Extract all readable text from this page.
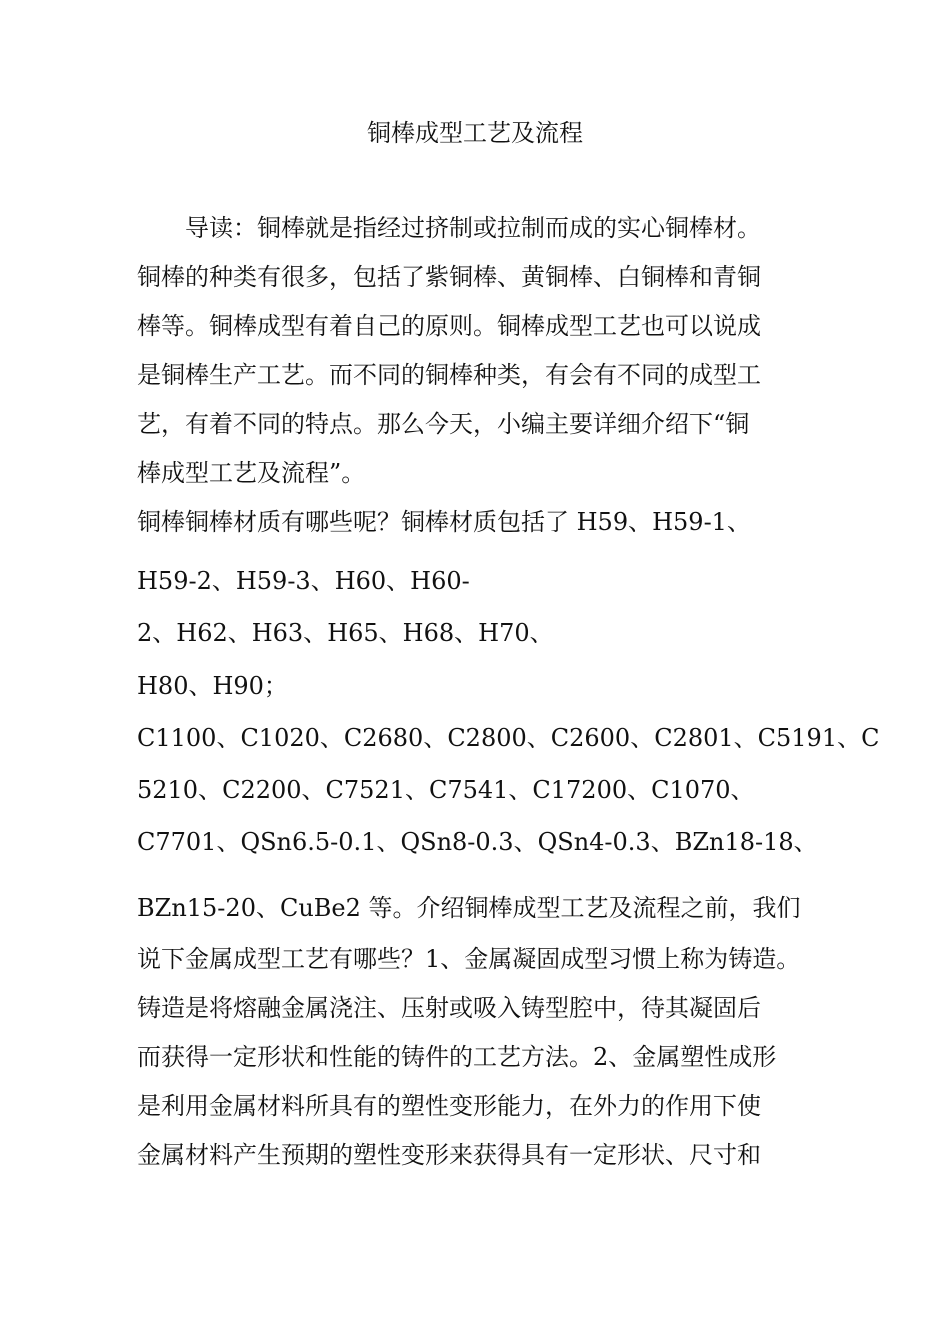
铜棒成型工艺及流程

　　导读：铜棒就是指经过挤制或拉制而成的实心铜棒材。

铜棒的种类有很多，包括了紫铜棒、黄铜棒、白铜棒和青铜

棒等。铜棒成型有着自己的原则。铜棒成型工艺也可以说成

是铜棒生产工艺。而不同的铜棒种类，有会有不同的成型工

艺，有着不同的特点。那么今天，小编主要详细介绍下“铜

棒成型工艺及流程”。

铜棒铜棒材质有哪些呢？铜棒材质包括了 H59、H59-1、

H59-2、H59-3、H60、H60-

2、H62、H63、H65、H68、H70、

H80、H90；

C1100、C1020、C2680、C2800、C2600、C2801、C5191、C

5210、C2200、C7521、C7541、C17200、C1070、

C7701、QSn6.5-0.1、QSn8-0.3、QSn4-0.3、BZn18-18、

BZn15-20、CuBe2 等。介绍铜棒成型工艺及流程之前，我们

说下金属成型工艺有哪些？1、金属凝固成型习惯上称为铸造。

铸造是将熔融金属浇注、压射或吸入铸型腔中，待其凝固后

而获得一定形状和性能的铸件的工艺方法。2、金属塑性成形

是利用金属材料所具有的塑性变形能力，在外力的作用下使

金属材料产生预期的塑性变形来获得具有一定形状、尺寸和
